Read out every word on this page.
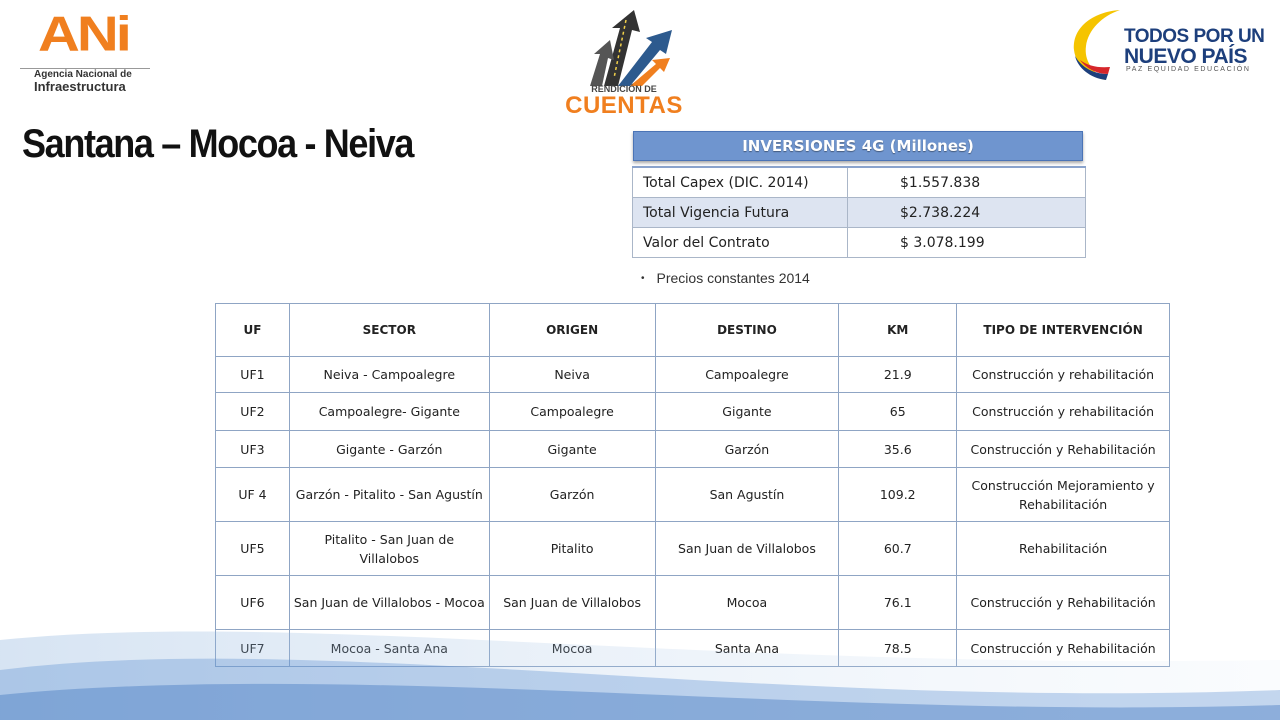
ANi
Agencia Nacional de
Infraestructura	RENDICIÓN DE
CUENTAS
TODOS POR UN
NUEVO PAÍS
PAZ EQUIDAD EDUCACIÓN
Santana – Mocoa - Neiva	INVERSIONES 4G (Millones)
Total Capex (DIC. 2014)	$1.557.838
Total Vigencia Futura	$2.738.224
Valor del Contrato	$ 3.078.199
• Precios constantes 2014
UF	SECTOR	ORIGEN	DESTINO	KM	TIPO DE INTERVENCIÓN
UF1	Neiva - Campoalegre	Neiva	Campoalegre	21.9	Construcción y rehabilitación
UF2	Campoalegre- Gigante	Campoalegre	Gigante	65	Construcción y rehabilitación
UF3	Gigante - Garzón	Gigante	Garzón	35.6	Construcción y Rehabilitación
UF 4	Garzón - Pitalito - San Agustín	Garzón	San Agustín	109.2	Construcción Mejoramiento y Rehabilitación
UF5	Pitalito - San Juan de Villalobos	Pitalito	San Juan de Villalobos	60.7	Rehabilitación
UF6	San Juan de Villalobos - Mocoa	San Juan de Villalobos	Mocoa	76.1	Construcción y Rehabilitación
UF7	Mocoa - Santa Ana	Mocoa	Santa Ana	78.5	Construcción y Rehabilitación
